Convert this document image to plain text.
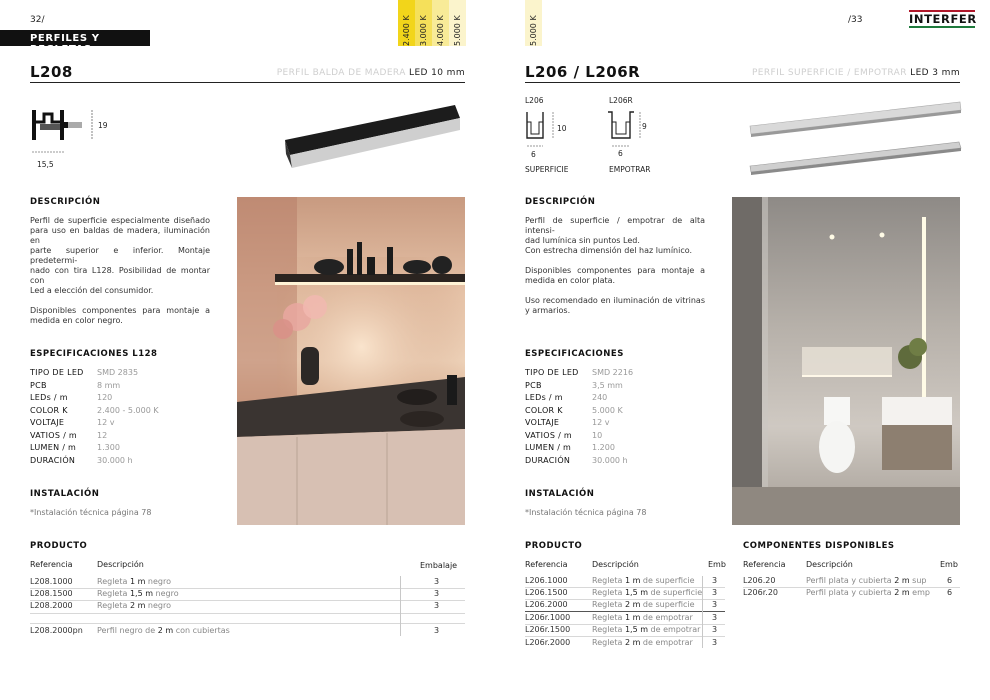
32/
PERFILES Y REGLETAS
2.400 K	3.000 K	4.000 K	5.000 K
L208	PERFIL BALDA DE MADERA LED 10 mm
19
15,5
DESCRIPCIÓN
Perfil de superficie especialmente diseñado
para uso en baldas de madera, iluminación en
parte superior e inferior. Montaje predetermi-
nado con tira L128. Posibilidad de montar con
Led a elección del consumidor.
Disponibles componentes para montaje a
medida en color negro.
ESPECIFICACIONES L128
TIPO DE LED	SMD 2835
PCB	8 mm
LEDs / m	120
COLOR K	2.400 - 5.000 K
VOLTAJE	12 v
VATIOS / m	12
LUMEN / m	1.300
DURACIÓN	30.000 h
INSTALACIÓN
*Instalación técnica página 78
PRODUCTO
Referencia	Descripción	Embalaje
L208.1000	Regleta 1 m negro	3
L208.1500	Regleta 1,5 m negro	3
L208.2000	Regleta 2 m negro	3
L208.2000pn Perfil negro de 2 m con cubiertas	3
5.000 K	/33	INTERFER
L206 / L206R	PERFIL SUPERFICIE / EMPOTRAR LED 3 mm
L206
10
6
SUPERFICIE
L206R
9
6
EMPOTRAR
DESCRIPCIÓN
Perfil de superficie / empotrar de alta intensi-
dad lumínica sin puntos Led.
Con estrecha dimensión del haz lumínico.
Disponibles componentes para montaje a
medida en color plata.
Uso recomendado en iluminación de vitrinas
y armarios.
ESPECIFICACIONES
TIPO DE LED	SMD 2216
PCB	3,5 mm
LEDs / m	240
COLOR K	5.000 K
VOLTAJE	12 v
VATIOS / m	10
LUMEN / m	1.200
DURACIÓN	30.000 h
INSTALACIÓN
*Instalación técnica página 78
PRODUCTO
Referencia	Descripción	Emb
L206.1000	Regleta 1 m de superficie 3
L206.1500	Regleta 1,5 m de superficie 3
L206.2000	Regleta 2 m de superficie 3
L206r.1000	Regleta 1 m de empotrar 3
L206r.1500	Regleta 1,5 m de empotrar 3
L206r.2000	Regleta 2 m de empotrar 3
COMPONENTES DISPONIBLES
Referencia	Descripción	Emb
L206.20	Perfil plata y cubierta 2 m sup	6
L206r.20	Perfil plata y cubierta 2 m emp 6
